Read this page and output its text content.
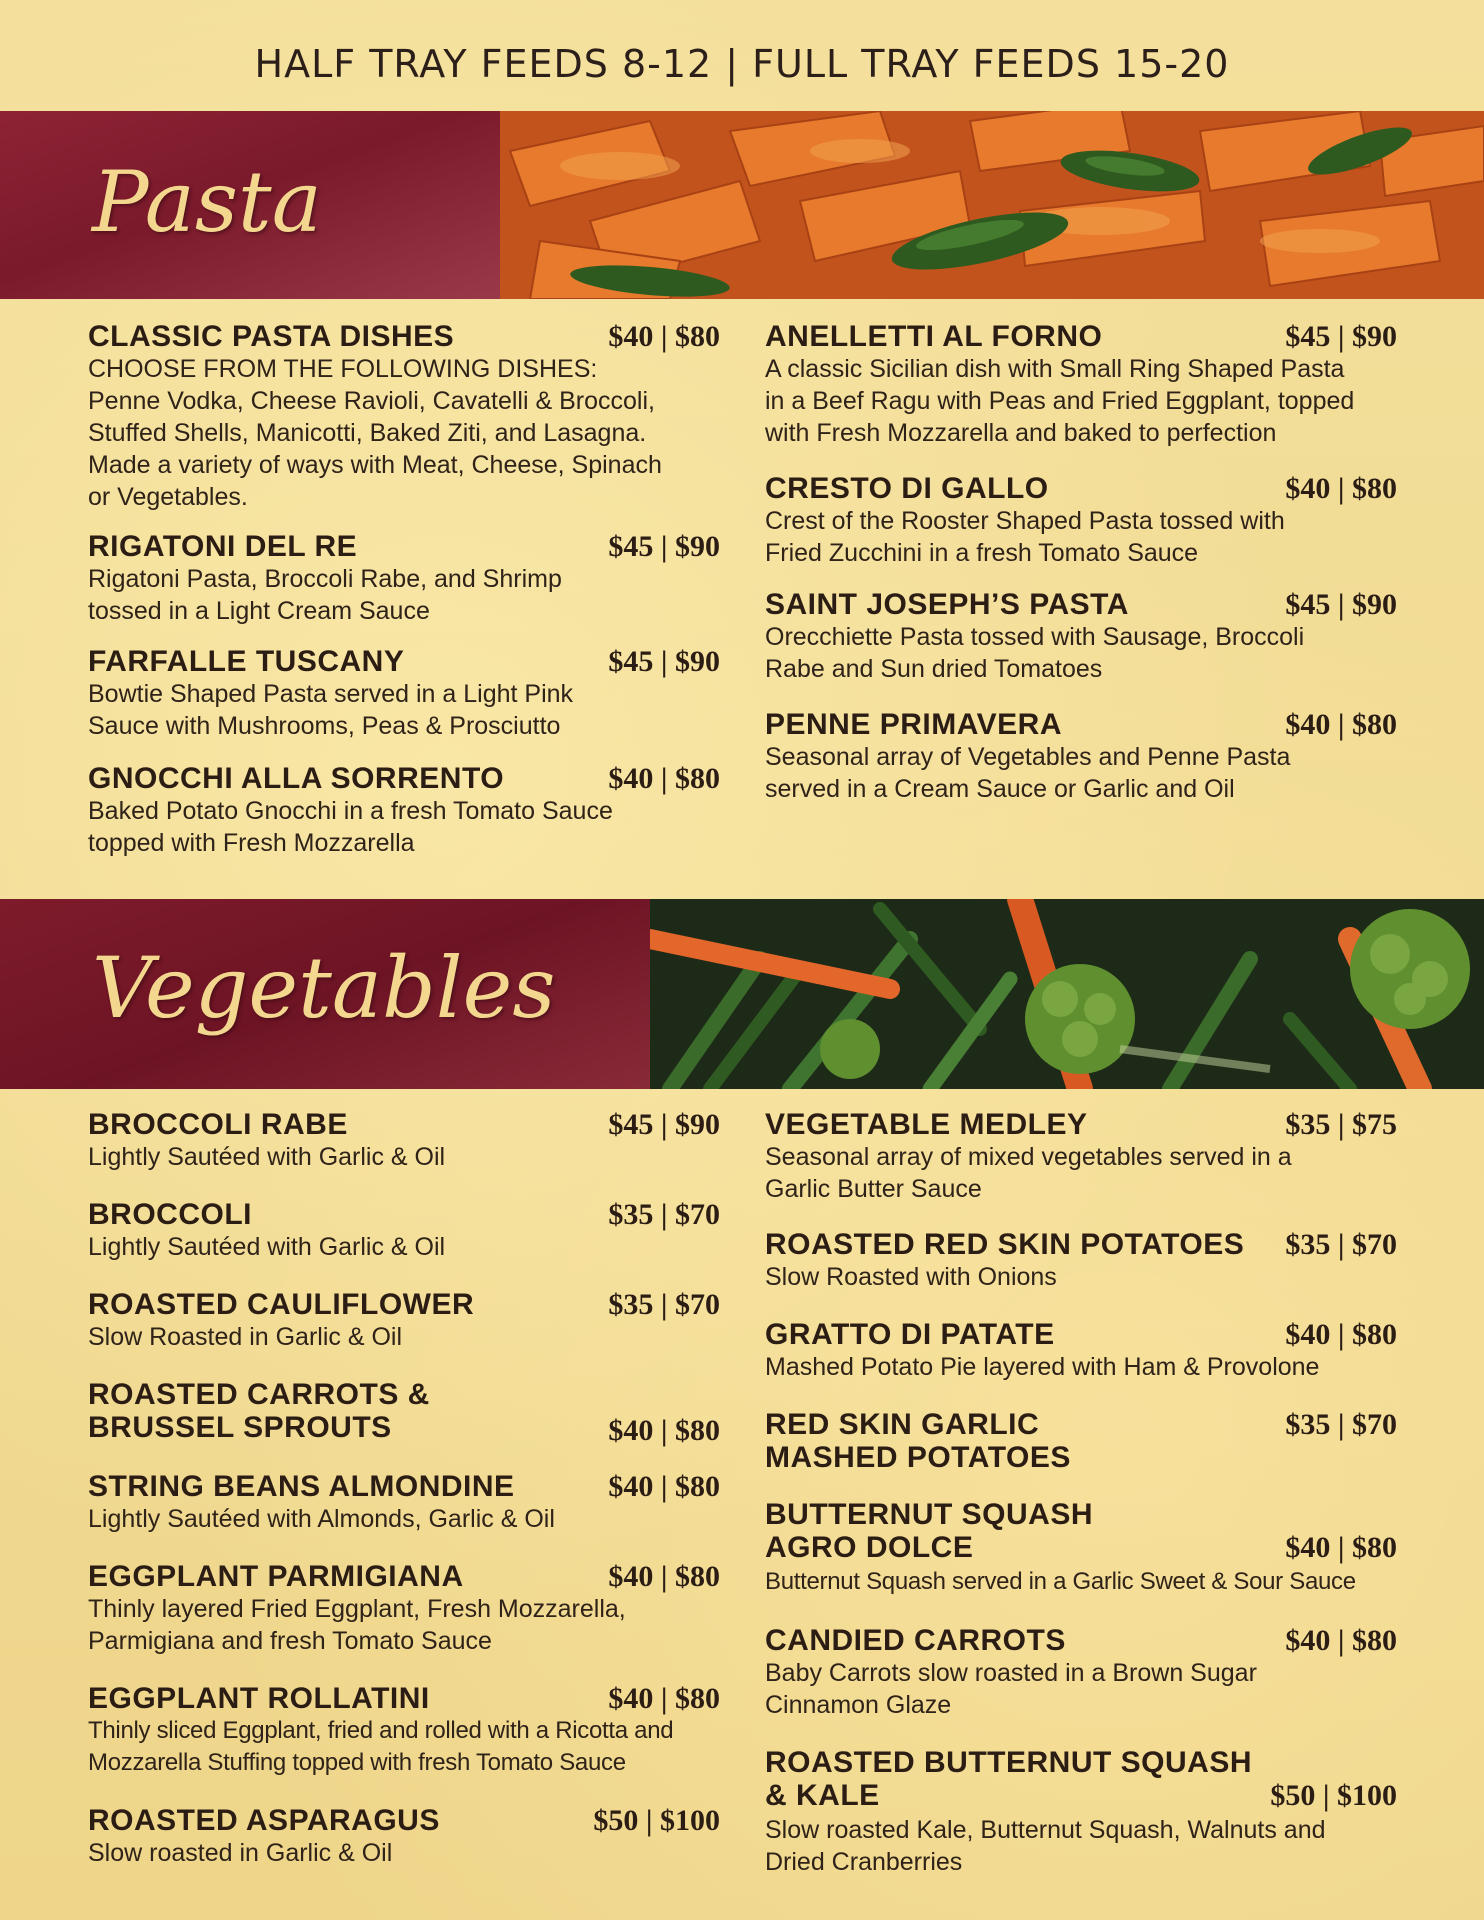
HALF TRAY FEEDS 8-12 | FULL TRAY FEEDS 15-20
Pasta
CLASSIC PASTA DISHES	$40 | $80
CHOOSE FROM THE FOLLOWING DISHES:
Penne Vodka, Cheese Ravioli, Cavatelli & Broccoli,
Stuffed Shells, Manicotti, Baked Ziti, and Lasagna.
Made a variety of ways with Meat, Cheese, Spinach
or Vegetables.
RIGATONI DEL RE	$45 | $90
Rigatoni Pasta, Broccoli Rabe, and Shrimp
tossed in a Light Cream Sauce
FARFALLE TUSCANY	$45 | $90
Bowtie Shaped Pasta served in a Light Pink
Sauce with Mushrooms, Peas & Prosciutto
GNOCCHI ALLA SORRENTO	$40 | $80
Baked Potato Gnocchi in a fresh Tomato Sauce
topped with Fresh Mozzarella
ANELLETTI AL FORNO	$45 | $90
A classic Sicilian dish with Small Ring Shaped Pasta
in a Beef Ragu with Peas and Fried Eggplant, topped
with Fresh Mozzarella and baked to perfection
CRESTO DI GALLO	$40 | $80
Crest of the Rooster Shaped Pasta tossed with
Fried Zucchini in a fresh Tomato Sauce
SAINT JOSEPH’S PASTA	$45 | $90
Orecchiette Pasta tossed with Sausage, Broccoli
Rabe and Sun dried Tomatoes
PENNE PRIMAVERA	$40 | $80
Seasonal array of Vegetables and Penne Pasta
served in a Cream Sauce or Garlic and Oil
Vegetables
BROCCOLI RABE	$45 | $90
Lightly Sautéed with Garlic & Oil
BROCCOLI	$35 | $70
Lightly Sautéed with Garlic & Oil
ROASTED CAULIFLOWER	$35 | $70
Slow Roasted in Garlic & Oil
ROASTED CARROTS &
BRUSSEL SPROUTS	$40 | $80
STRING BEANS ALMONDINE	$40 | $80
Lightly Sautéed with Almonds, Garlic & Oil
EGGPLANT PARMIGIANA	$40 | $80
Thinly layered Fried Eggplant, Fresh Mozzarella,
Parmigiana and fresh Tomato Sauce
EGGPLANT ROLLATINI	$40 | $80
Thinly sliced Eggplant, fried and rolled with a Ricotta and
Mozzarella Stuffing topped with fresh Tomato Sauce
ROASTED ASPARAGUS	$50 | $100
Slow roasted in Garlic & Oil
VEGETABLE MEDLEY	$35 | $75
Seasonal array of mixed vegetables served in a
Garlic Butter Sauce
ROASTED RED SKIN POTATOES $35 | $70
Slow Roasted with Onions
GRATTO DI PATATE	$40 | $80
Mashed Potato Pie layered with Ham & Provolone
RED SKIN GARLIC
MASHED POTATOES
$35 | $70
BUTTERNUT SQUASH
AGRO DOLCE	$40 | $80
Butternut Squash served in a Garlic Sweet & Sour Sauce
CANDIED CARROTS	$40 | $80
Baby Carrots slow roasted in a Brown Sugar
Cinnamon Glaze
ROASTED BUTTERNUT SQUASH
& KALE	$50 | $100
Slow roasted Kale, Butternut Squash, Walnuts and
Dried Cranberries
